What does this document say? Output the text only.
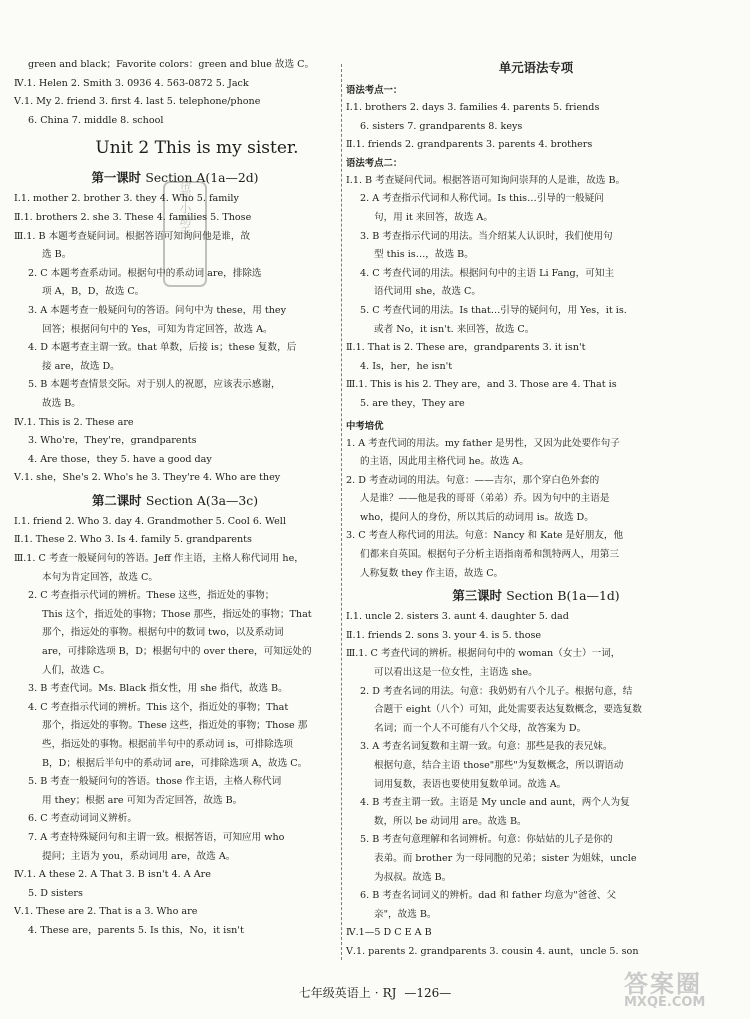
green and black；Favorite colors：green and blue 故选 C。
Ⅳ.1. Helen 2. Smith 3. 0936 4. 563-0872 5. Jack
Ⅴ.1. My 2. friend 3. first 4. last 5. telephone/phone
6. China 7. middle 8. school
Unit 2 This is my sister.
第一课时 Section A(1a—2d)
Ⅰ.1. mother 2. brother 3. they 4. Who 5. family
Ⅱ.1. brothers 2. she 3. These 4. families 5. Those
Ⅲ.1. B 本题考查疑问词。根据答语可知询问他是谁，故
选 B。
2. C 本题考查系动词。根据句中的系动词 are，排除选
项 A，B，D，故选 C。
3. A 本题考查一般疑问句的答语。问句中为 these，用 they
回答；根据问句中的 Yes，可知为肯定回答，故选 A。
4. D 本题考查主谓一致。that 单数，后接 is；these 复数，后
接 are，故选 D。
5. B 本题考查情景交际。对于别人的祝愿，应该表示感谢，
故选 B。
Ⅳ.1. This is 2. These are
3. Who're，They're，grandparents
4. Are those，they 5. have a good day
Ⅴ.1. she，She's 2. Who's he 3. They're 4. Who are they
第二课时 Section A(3a—3c)
Ⅰ.1. friend 2. Who 3. day 4. Grandmother 5. Cool 6. Well
Ⅱ.1. These 2. Who 3. Is 4. family 5. grandparents
Ⅲ.1. C 考查一般疑问句的答语。Jeff 作主语，主格人称代词用 he，
本句为肯定回答，故选 C。
2. C 考查指示代词的辨析。These 这些，指近处的事物；
This 这个，指近处的事物；Those 那些，指远处的事物；That
那个，指远处的事物。根据句中的数词 two，以及系动词
are，可排除选项 B，D；根据句中的 over there，可知远处的
人们，故选 C。
3. B 考查代词。Ms. Black 指女性，用 she 指代，故选 B。
4. C 考查指示代词的辨析。This 这个，指近处的事物；That
那个，指远处的事物。These 这些，指近处的事物；Those 那
些，指远处的事物。根据前半句中的系动词 is，可排除选项
B，D；根据后半句中的系动词 are，可排除选项 A，故选 C。
5. B 考查一般疑问句的答语。those 作主语，主格人称代词
用 they；根据 are 可知为否定回答，故选 B。
6. C 考查动词词义辨析。
7. A 考查特殊疑问句和主谓一致。根据答语，可知应用 who
提问；主语为 you，系动词用 are，故选 A。
Ⅳ.1. A these 2. A That 3. B isn't 4. A Are
5. D sisters
Ⅴ.1. These are 2. That is a 3. Who are
4. These are，parents 5. Is this，No，it isn't
单元语法专项
语法考点一：
Ⅰ.1. brothers 2. days 3. families 4. parents 5. friends
6. sisters 7. grandparents 8. keys
Ⅱ.1. friends 2. grandparents 3. parents 4. brothers
语法考点二：
Ⅰ.1. B 考查疑问代词。根据答语可知询问崇拜的人是谁，故选 B。
2. A 考查指示代词和人称代词。Is this…引导的一般疑问
句，用 it 来回答，故选 A。
3. B 考查指示代词的用法。当介绍某人认识时，我们使用句
型 this is…，故选 B。
4. C 考查代词的用法。根据问句中的主语 Li Fang，可知主
语代词用 she，故选 C。
5. C 考查代词的用法。Is that…引导的疑问句，用 Yes，it is.
或者 No，it isn't. 来回答，故选 C。
Ⅱ.1. That is 2. These are，grandparents 3. it isn't
4. Is，her，he isn't
Ⅲ.1. This is his 2. They are，and 3. Those are 4. That is
5. are they，They are
中考培优
1. A 考查代词的用法。my father 是男性，又因为此处要作句子
的主语，因此用主格代词 he。故选 A。
2. D 考查动词的用法。句意：——吉尔，那个穿白色外套的
人是谁？——他是我的哥哥（弟弟）乔。因为句中的主语是
who，提问人的身份，所以其后的动词用 is。故选 D。
3. C 考查人称代词的用法。句意：Nancy 和 Kate 是好朋友，他
们都来自英国。根据句子分析主语指南希和凯特两人，用第三
人称复数 they 作主语，故选 C。
第三课时 Section B(1a—1d)
Ⅰ.1. uncle 2. sisters 3. aunt 4. daughter 5. dad
Ⅱ.1. friends 2. sons 3. your 4. is 5. those
Ⅲ.1. C 考查代词的辨析。根据问句中的 woman（女士）一词，
可以看出这是一位女性，主语选 she。
2. D 考查名词的用法。句意：我奶奶有八个儿子。根据句意，结
合题干 eight（八个）可知，此处需要表达复数概念，要选复数
名词；而一个人不可能有八个父母，故答案为 D。
3. A 考查名词复数和主谓一致。句意：那些是我的表兄妹。
根据句意，结合主语 those"那些"为复数概念，所以谓语动
词用复数，表语也要使用复数单词。故选 A。
4. B 考查主谓一致。主语是 My uncle and aunt，两个人为复
数，所以 be 动词用 are。故选 B。
5. B 考查句意理解和名词辨析。句意：你姑姑的儿子是你的
表弟。而 brother 为一母同胞的兄弟；sister 为姐妹，uncle
为叔叔。故选 B。
6. B 考查名词词义的辨析。dad 和 father 均意为"爸爸、父
亲"，故选 B。
Ⅳ.1—5 D C E A B
Ⅴ.1. parents 2. grandparents 3. cousin 4. aunt，uncle 5. son
帮帮小助手
七年级英语上 · RJ —126—	答案圈
MXQE.COM
